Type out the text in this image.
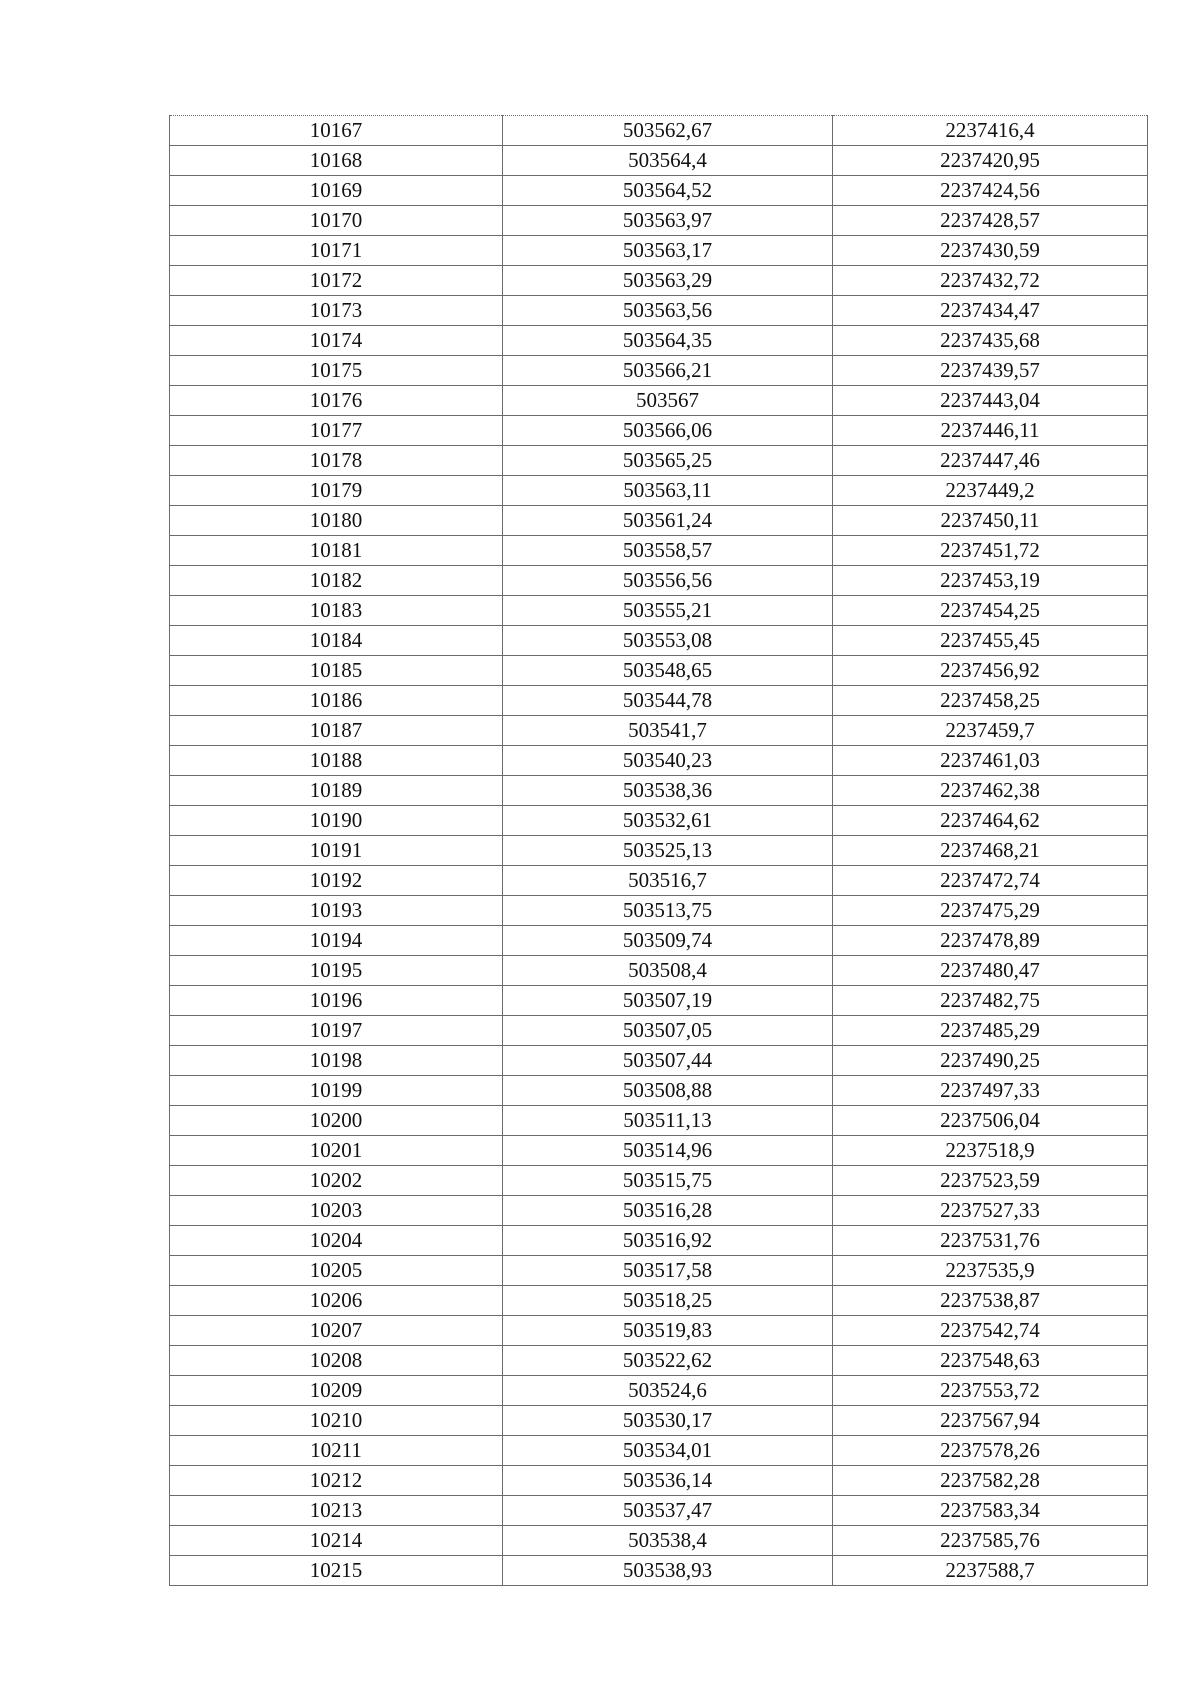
10167	503562,67	2237416,4
10168	503564,4	2237420,95
10169	503564,52	2237424,56
10170	503563,97	2237428,57
10171	503563,17	2237430,59
10172	503563,29	2237432,72
10173	503563,56	2237434,47
10174	503564,35	2237435,68
10175	503566,21	2237439,57
10176	503567	2237443,04
10177	503566,06	2237446,11
10178	503565,25	2237447,46
10179	503563,11	2237449,2
10180	503561,24	2237450,11
10181	503558,57	2237451,72
10182	503556,56	2237453,19
10183	503555,21	2237454,25
10184	503553,08	2237455,45
10185	503548,65	2237456,92
10186	503544,78	2237458,25
10187	503541,7	2237459,7
10188	503540,23	2237461,03
10189	503538,36	2237462,38
10190	503532,61	2237464,62
10191	503525,13	2237468,21
10192	503516,7	2237472,74
10193	503513,75	2237475,29
10194	503509,74	2237478,89
10195	503508,4	2237480,47
10196	503507,19	2237482,75
10197	503507,05	2237485,29
10198	503507,44	2237490,25
10199	503508,88	2237497,33
10200	503511,13	2237506,04
10201	503514,96	2237518,9
10202	503515,75	2237523,59
10203	503516,28	2237527,33
10204	503516,92	2237531,76
10205	503517,58	2237535,9
10206	503518,25	2237538,87
10207	503519,83	2237542,74
10208	503522,62	2237548,63
10209	503524,6	2237553,72
10210	503530,17	2237567,94
10211	503534,01	2237578,26
10212	503536,14	2237582,28
10213	503537,47	2237583,34
10214	503538,4	2237585,76
10215	503538,93	2237588,7
